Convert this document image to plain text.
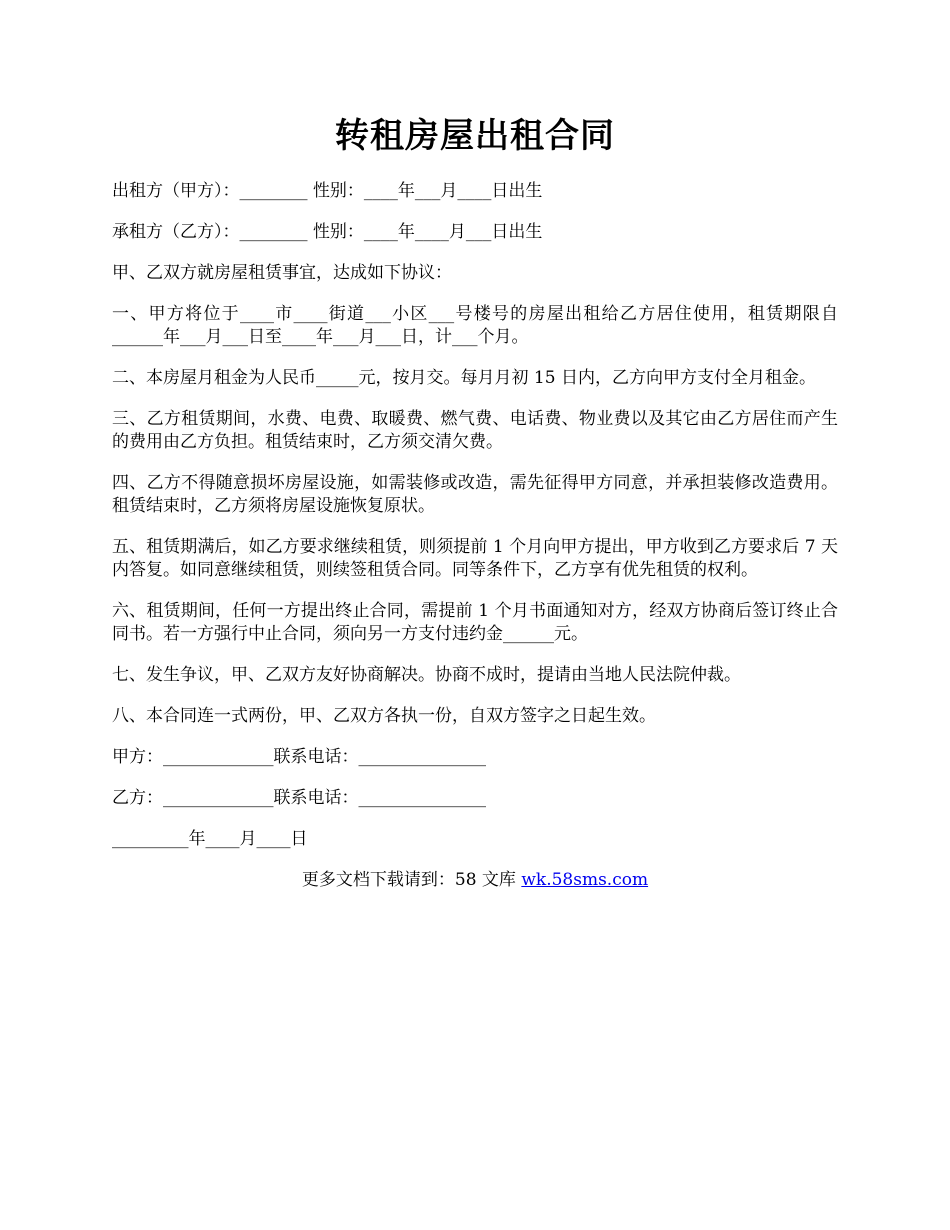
转租房屋出租合同

出租方（甲方）：________ 性别：____年___月____日出生

承租方（乙方）：________ 性别：____年____月___日出生

甲、乙双方就房屋租赁事宜，达成如下协议：

一、甲方将位于____市____街道___小区___号楼号的房屋出租给乙方居住使用，租赁期限自______年___月___日至____年___月___日，计___个月。

二、本房屋月租金为人民币_____元，按月交。每月月初 15 日内，乙方向甲方支付全月租金。

三、乙方租赁期间，水费、电费、取暖费、燃气费、电话费、物业费以及其它由乙方居住而产生的费用由乙方负担。租赁结束时，乙方须交清欠费。

四、乙方不得随意损坏房屋设施，如需装修或改造，需先征得甲方同意，并承担装修改造费用。租赁结束时，乙方须将房屋设施恢复原状。

五、租赁期满后，如乙方要求继续租赁，则须提前 1 个月向甲方提出，甲方收到乙方要求后 7 天内答复。如同意继续租赁，则续签租赁合同。同等条件下，乙方享有优先租赁的权利。

六、租赁期间，任何一方提出终止合同，需提前 1 个月书面通知对方，经双方协商后签订终止合同书。若一方强行中止合同，须向另一方支付违约金______元。

七、发生争议，甲、乙双方友好协商解决。协商不成时，提请由当地人民法院仲裁。

八、本合同连一式两份，甲、乙双方各执一份，自双方签字之日起生效。

甲方：_____________联系电话：_______________

乙方：_____________联系电话：_______________

_________年____月____日

更多文档下载请到：58 文库 wk.58sms.com
